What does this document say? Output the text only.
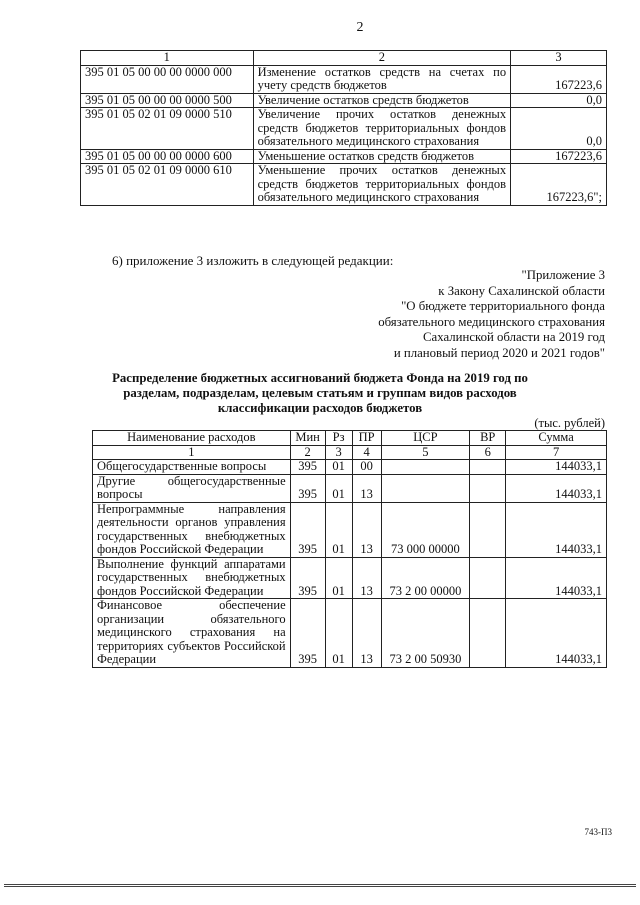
2
1	2	3
395 01 05 00 00 00 0000 000	Изменение остатков средств на счетах по учету средств бюджетов	167223,6
395 01 05 00 00 00 0000 500	Увеличение остатков средств бюджетов	0,0
395 01 05 02 01 09 0000 510	Увеличение прочих остатков денежных средств бюджетов территориальных фондов обязательного медицинского страхования	0,0
395 01 05 00 00 00 0000 600	Уменьшение остатков средств бюджетов	167223,6
395 01 05 02 01 09 0000 610	Уменьшение прочих остатков денежных средств бюджетов территориальных фондов обязательного медицинского страхования	167223,6";
6) приложение 3 изложить в следующей редакции:
"Приложение 3
к Закону Сахалинской области
"О бюджете территориального фонда
обязательного медицинского страхования
Сахалинской области на 2019 год
и плановый период 2020 и 2021 годов"
Распределение бюджетных ассигнований бюджета Фонда на 2019 год по разделам, подразделам, целевым статьям и группам видов расходов классификации расходов бюджетов
(тыс. рублей)
Наименование расходов	Мин	Рз	ПР	ЦСР	ВР	Сумма
1	2	3	4	5	6	7
Общегосударственные вопросы	395	01	00			144033,1
Другие общегосударственные вопросы	395	01	13			144033,1
Непрограммные направления деятельности органов управления государственных внебюджетных фондов Российской Федерации	395	01	13	73 000 00000		144033,1
Выполнение функций аппаратами государственных внебюджетных фондов Российской Федерации	395	01	13	73 2 00 00000		144033,1
Финансовое обеспечение организации обязательного медицинского страхования на территориях субъектов Российской Федерации	395	01	13	73 2 00 50930		144033,1
743-П3
